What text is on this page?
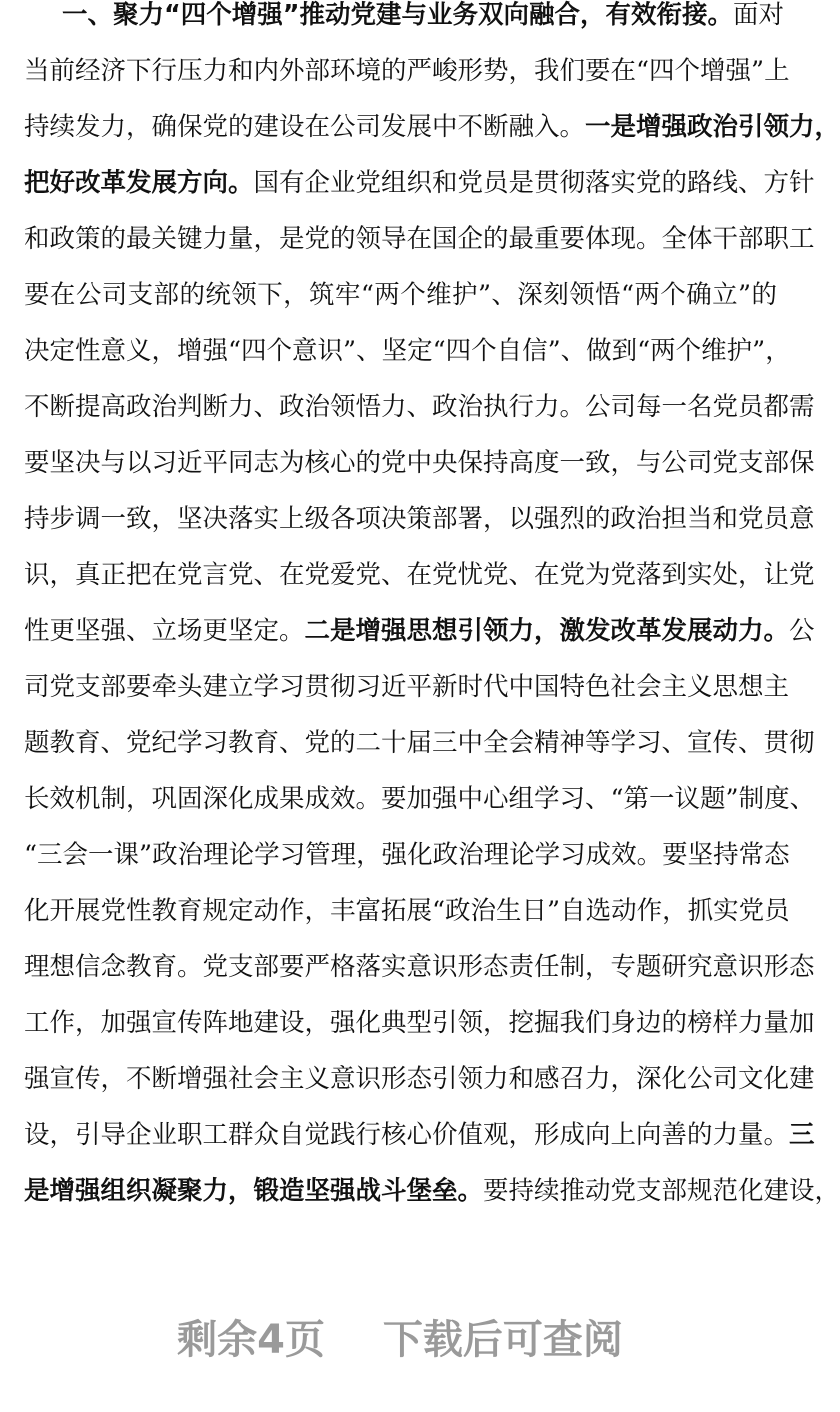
一、聚力“四个增强”推动党建与业务双向融合，有效衔接。面对
当前经济下行压力和内外部环境的严峻形势，我们要在“四个增强”上
持续发力，确保党的建设在公司发展中不断融入。一是增强政治引领力，
把好改革发展方向。国有企业党组织和党员是贯彻落实党的路线、方针
和政策的最关键力量，是党的领导在国企的最重要体现。全体干部职工
要在公司支部的统领下，筑牢“两个维护”、深刻领悟“两个确立”的
决定性意义，增强“四个意识”、坚定“四个自信”、做到“两个维护”，
不断提高政治判断力、政治领悟力、政治执行力。公司每一名党员都需
要坚决与以习近平同志为核心的党中央保持高度一致，与公司党支部保
持步调一致，坚决落实上级各项决策部署，以强烈的政治担当和党员意
识，真正把在党言党、在党爱党、在党忧党、在党为党落到实处，让党
性更坚强、立场更坚定。二是增强思想引领力，激发改革发展动力。公
司党支部要牵头建立学习贯彻习近平新时代中国特色社会主义思想主
题教育、党纪学习教育、党的二十届三中全会精神等学习、宣传、贯彻
长效机制，巩固深化成果成效。要加强中心组学习、“第一议题”制度、
“三会一课”政治理论学习管理，强化政治理论学习成效。要坚持常态
化开展党性教育规定动作，丰富拓展“政治生日”自选动作，抓实党员
理想信念教育。党支部要严格落实意识形态责任制，专题研究意识形态
工作，加强宣传阵地建设，强化典型引领，挖掘我们身边的榜样力量加
强宣传，不断增强社会主义意识形态引领力和感召力，深化公司文化建
设，引导企业职工群众自觉践行核心价值观，形成向上向善的力量。三
是增强组织凝聚力，锻造坚强战斗堡垒。要持续推动党支部规范化建设，
剩余4页 下载后可查阅
